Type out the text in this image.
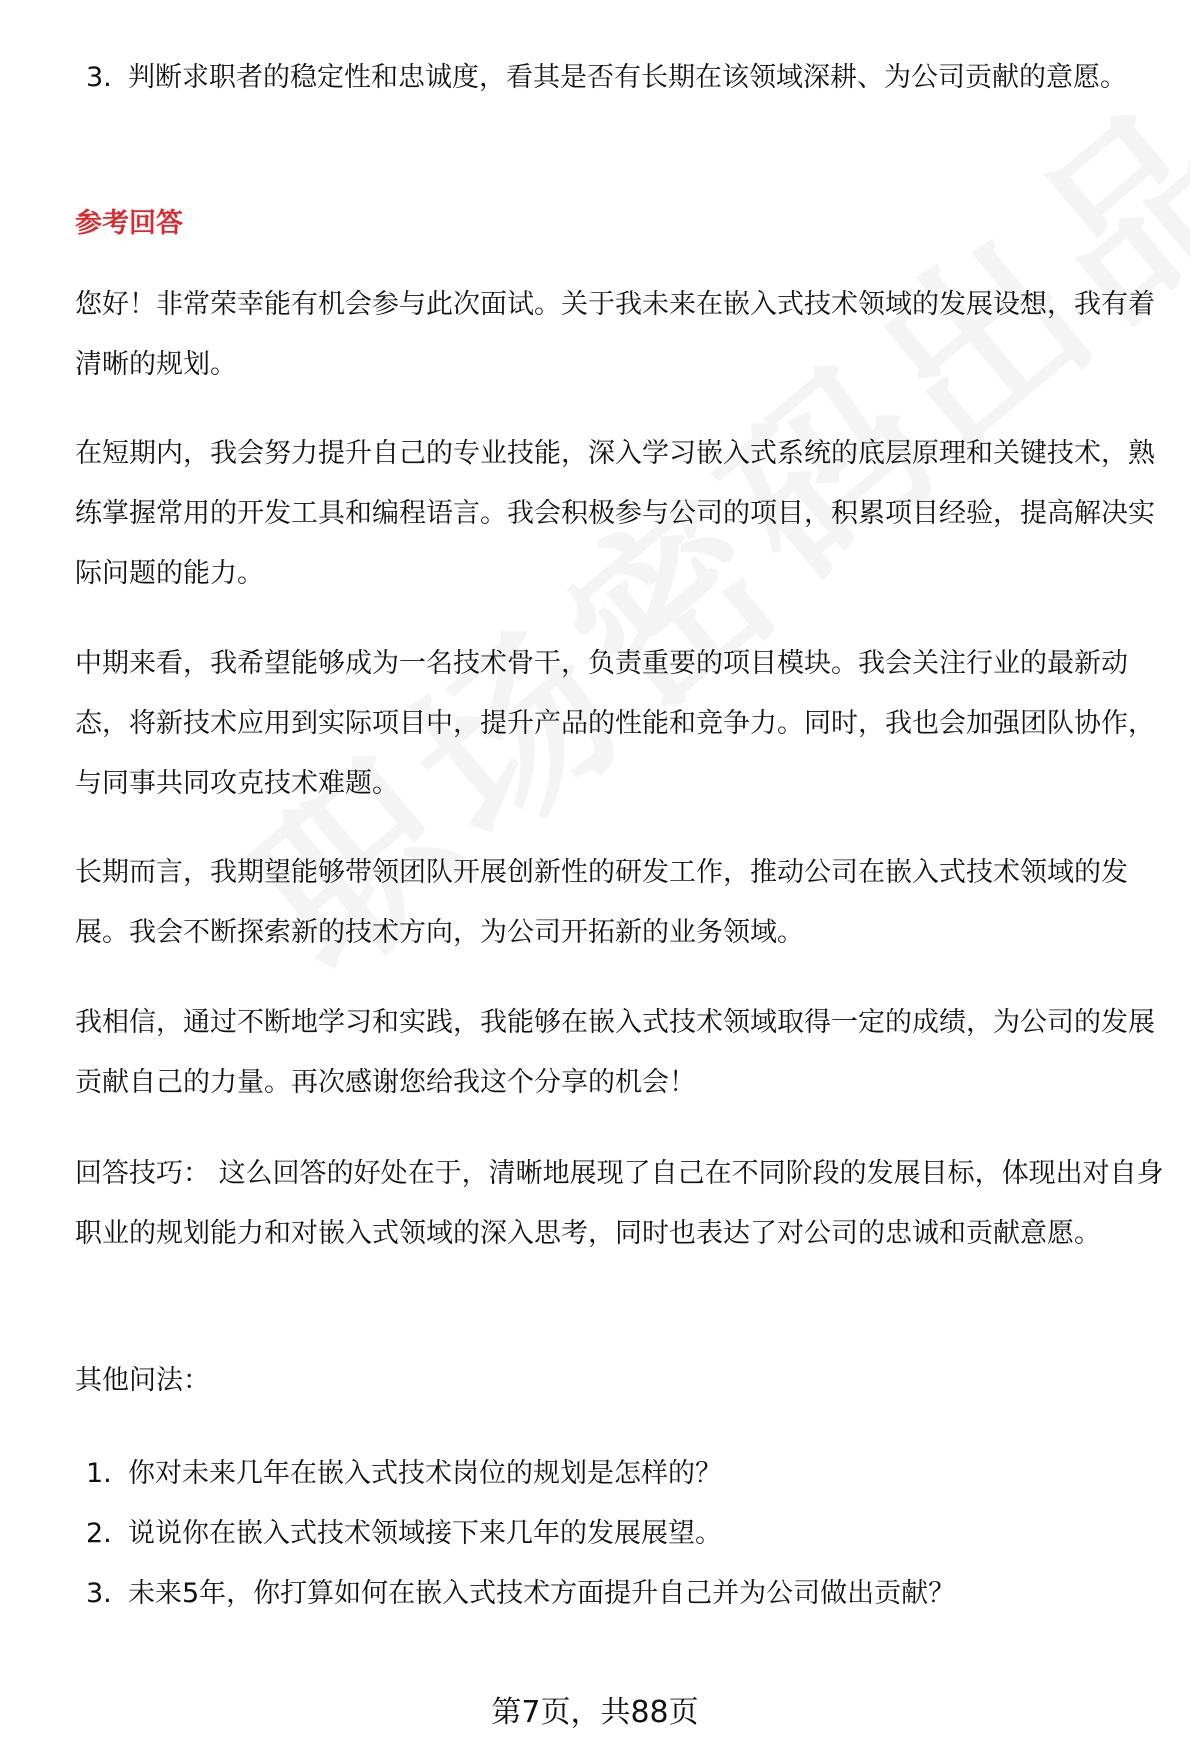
3. 判断求职者的稳定性和忠诚度，看其是否有长期在该领域深耕、为公司贡献的意愿。
参考回答
您好！非常荣幸能有机会参与此次面试。关于我未来在嵌入式技术领域的发展设想，我有着清晰的规划。
在短期内，我会努力提升自己的专业技能，深入学习嵌入式系统的底层原理和关键技术，熟练掌握常用的开发工具和编程语言。我会积极参与公司的项目，积累项目经验，提高解决实际问题的能力。
中期来看，我希望能够成为一名技术骨干，负责重要的项目模块。我会关注行业的最新动态，将新技术应用到实际项目中，提升产品的性能和竞争力。同时，我也会加强团队协作，与同事共同攻克技术难题。
长期而言，我期望能够带领团队开展创新性的研发工作，推动公司在嵌入式技术领域的发展。我会不断探索新的技术方向，为公司开拓新的业务领域。
我相信，通过不断地学习和实践，我能够在嵌入式技术领域取得一定的成绩，为公司的发展贡献自己的力量。再次感谢您给我这个分享的机会！
回答技巧： 这么回答的好处在于，清晰地展现了自己在不同阶段的发展目标，体现出对自身职业的规划能力和对嵌入式领域的深入思考，同时也表达了对公司的忠诚和贡献意愿。
其他问法：
1. 你对未来几年在嵌入式技术岗位的规划是怎样的？
2. 说说你在嵌入式技术领域接下来几年的发展展望。
3. 未来5年，你打算如何在嵌入式技术方面提升自己并为公司做出贡献？
第7页，共88页
